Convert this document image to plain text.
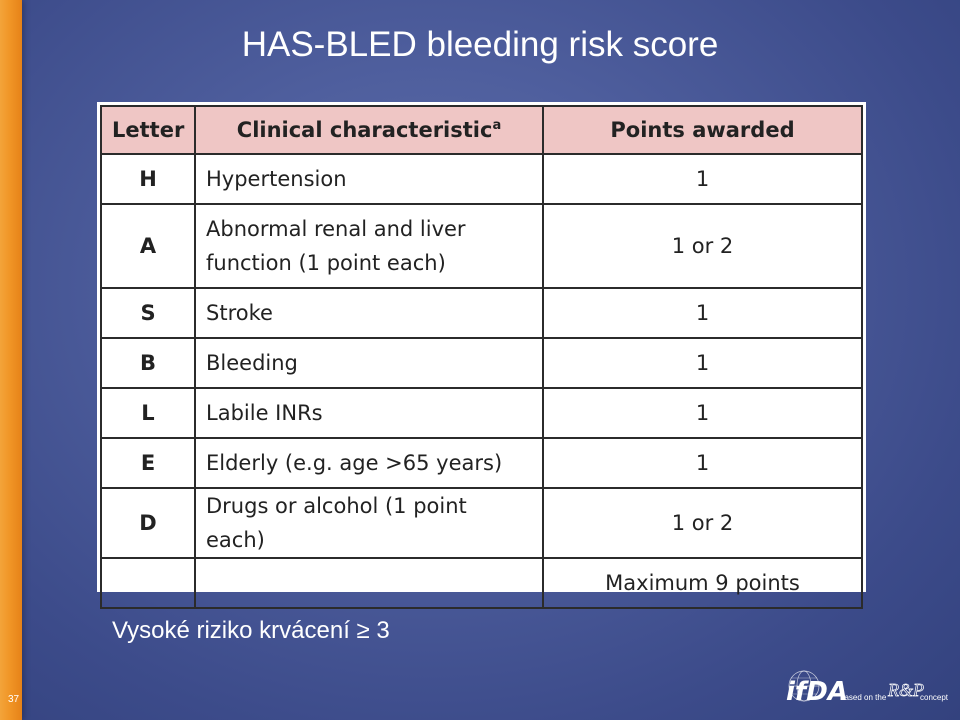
HAS-BLED bleeding risk score
Letter	Clinical characteristic$^a$	Points awarded
H	Hypertension	1
A	Abnormal renal and liver function (1 point each)	1 or 2
S	Stroke	1
B	Bleeding	1
L	Labile INRs	1
E	Elderly (e.g. age >65 years)	1
D	Drugs or alcohol (1 point each)	1 or 2
		Maximum 9 points
Vysoké riziko krvácení ≥ 3
37	ifDA
based on the R&P
concept
